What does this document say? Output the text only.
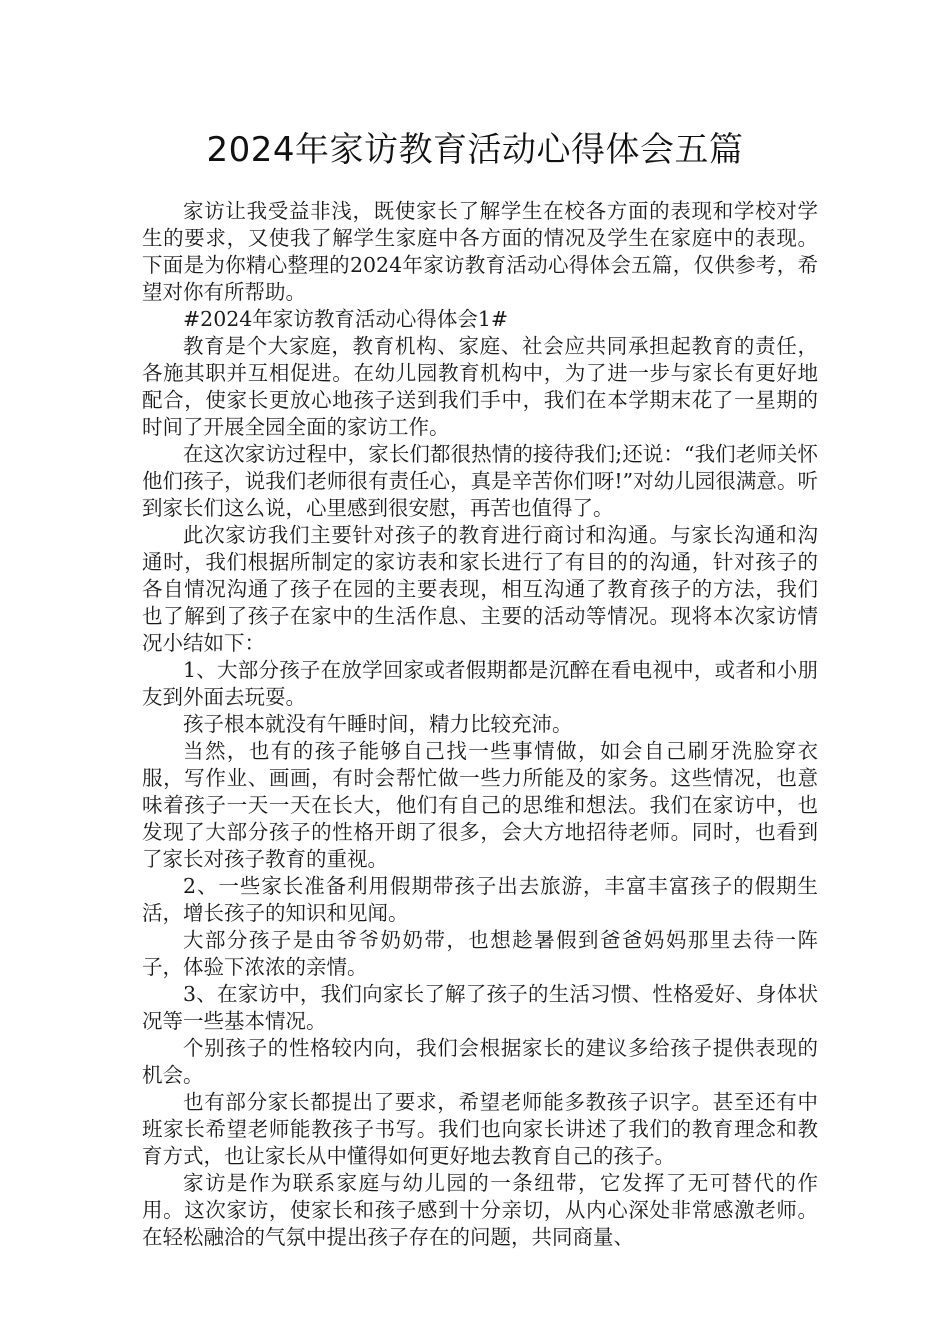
2024年家访教育活动心得体会五篇

家访让我受益非浅，既使家长了解学生在校各方面的表现和学校对学生的要求，又使我了解学生家庭中各方面的情况及学生在家庭中的表现。下面是为你精心整理的2024年家访教育活动心得体会五篇，仅供参考，希望对你有所帮助。

#2024年家访教育活动心得体会1#

教育是个大家庭，教育机构、家庭、社会应共同承担起教育的责任，各施其职并互相促进。在幼儿园教育机构中，为了进一步与家长有更好地配合，使家长更放心地孩子送到我们手中，我们在本学期末花了一星期的时间了开展全园全面的家访工作。

在这次家访过程中，家长们都很热情的接待我们;还说：“我们老师关怀他们孩子，说我们老师很有责任心，真是辛苦你们呀!”对幼儿园很满意。听到家长们这么说，心里感到很安慰，再苦也值得了。

此次家访我们主要针对孩子的教育进行商讨和沟通。与家长沟通和沟通时，我们根据所制定的家访表和家长进行了有目的的沟通，针对孩子的各自情况沟通了孩子在园的主要表现，相互沟通了教育孩子的方法，我们也了解到了孩子在家中的生活作息、主要的活动等情况。现将本次家访情况小结如下：

1、大部分孩子在放学回家或者假期都是沉醉在看电视中，或者和小朋友到外面去玩耍。

孩子根本就没有午睡时间，精力比较充沛。

当然，也有的孩子能够自己找一些事情做，如会自己刷牙洗脸穿衣服，写作业、画画，有时会帮忙做一些力所能及的家务。这些情况，也意味着孩子一天一天在长大，他们有自己的思维和想法。我们在家访中，也发现了大部分孩子的性格开朗了很多，会大方地招待老师。同时，也看到了家长对孩子教育的重视。

2、一些家长准备利用假期带孩子出去旅游，丰富丰富孩子的假期生活，增长孩子的知识和见闻。

大部分孩子是由爷爷奶奶带，也想趁暑假到爸爸妈妈那里去待一阵子，体验下浓浓的亲情。

3、在家访中，我们向家长了解了孩子的生活习惯、性格爱好、身体状况等一些基本情况。

个别孩子的性格较内向，我们会根据家长的建议多给孩子提供表现的机会。

也有部分家长都提出了要求，希望老师能多教孩子识字。甚至还有中班家长希望老师能教孩子书写。我们也向家长讲述了我们的教育理念和教育方式，也让家长从中懂得如何更好地去教育自己的孩子。

家访是作为联系家庭与幼儿园的一条纽带，它发挥了无可替代的作用。这次家访，使家长和孩子感到十分亲切，从内心深处非常感激老师。在轻松融洽的气氛中提出孩子存在的问题，共同商量、
